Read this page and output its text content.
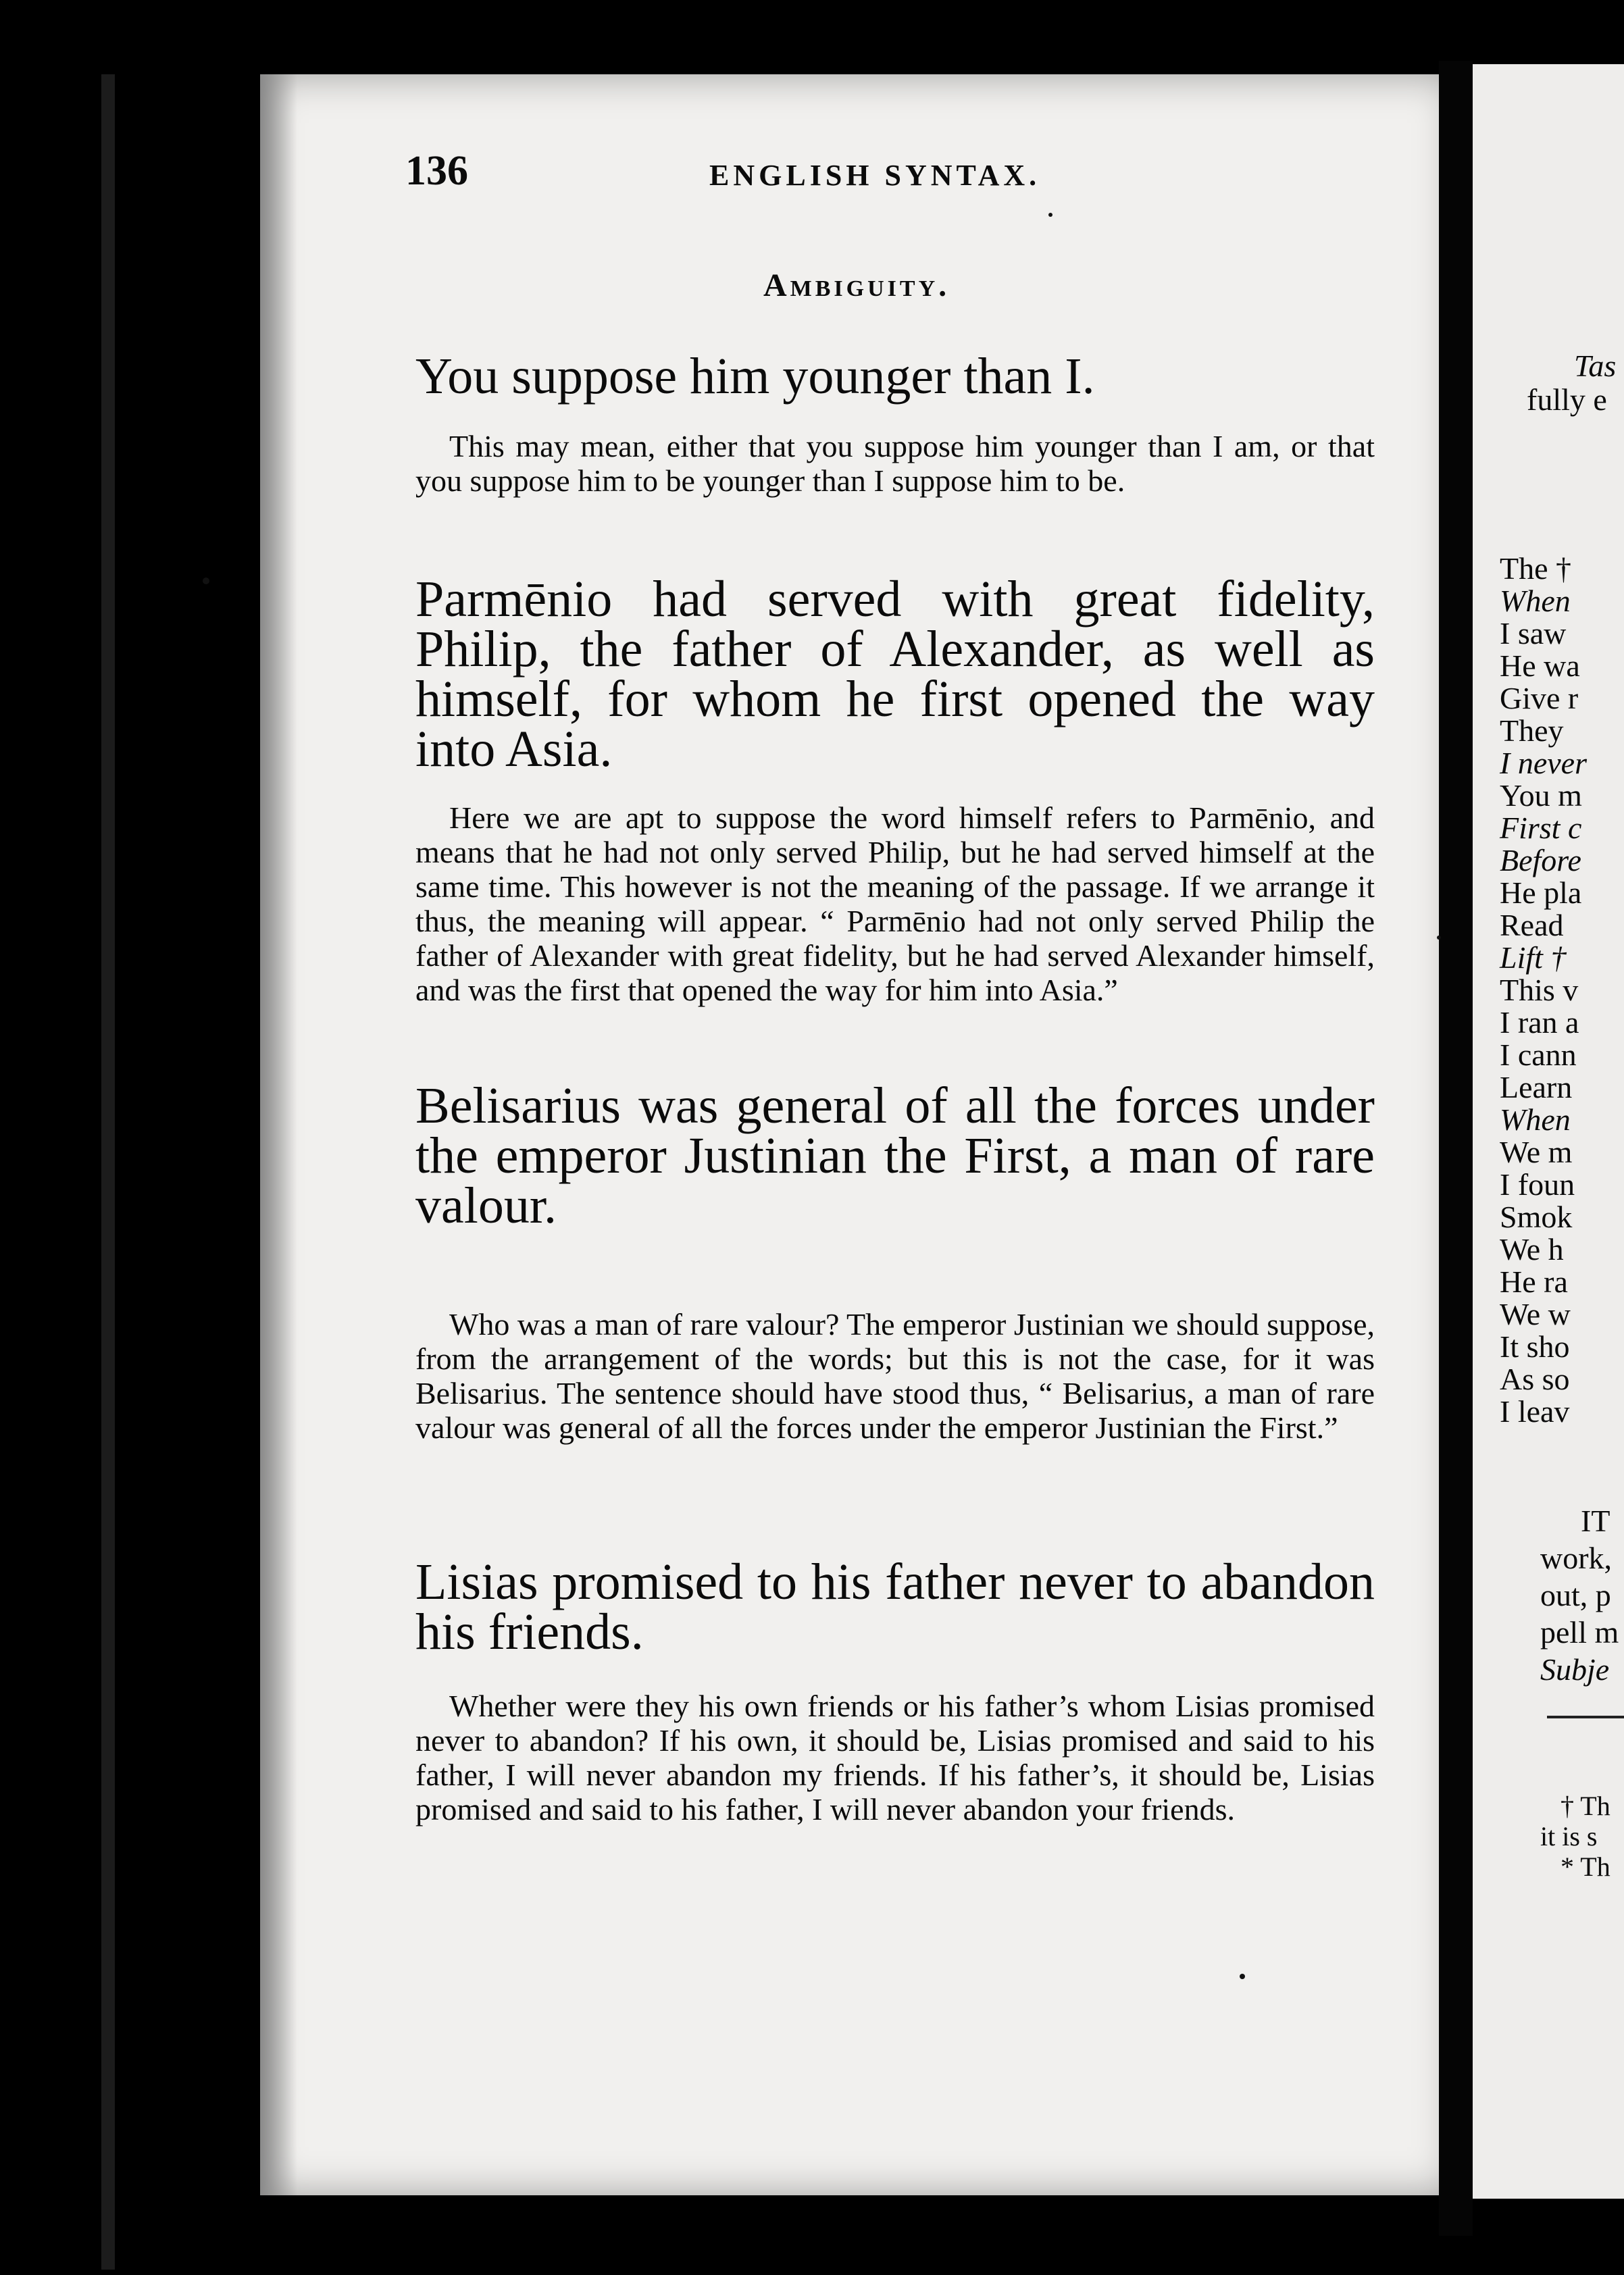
136	ENGLISH SYNTAX.
Ambiguity.

You suppose him younger than I.

This may mean, either that you suppose him younger than I am, or that you suppose him to be younger than I suppose him to be.

Parmēnio had served with great fidelity, Philip, the father of Alexander, as well as himself, for whom he first opened the way into Asia.

Here we are apt to suppose the word himself refers to Parmēnio, and means that he had not only served Philip, but he had served himself at the same time. This however is not the meaning of the passage. If we arrange it thus, the meaning will appear. “ Parmēnio had not only served Philip the father of Alexander with great fidelity, but he had served Alexander himself, and was the first that opened the way for him into Asia.”

Belisarius was general of all the forces under the emperor Justinian the First, a man of rare valour.

Who was a man of rare valour? The emperor Justinian we should suppose, from the arrangement of the words; but this is not the case, for it was Belisarius. The sentence should have stood thus, “ Belisarius, a man of rare valour was general of all the forces under the emperor Justinian the First.”

Lisias promised to his father never to abandon his friends.

Whether were they his own friends or his father’s whom Lisias promised never to abandon? If his own, it should be, Lisias promised and said to his father, I will never abandon my friends. If his father’s, it should be, Lisias promised and said to his father, I will never abandon your friends.

Tas
fully e
The †
When
I saw
He wa
Give r
They
I never
You m
First c
Before
He pla
Read
Lift †
This v
I ran a
I cann
Learn
When
We m
I foun
Smok
We h
He ra
We w
It sho
As so
I leav
IT
work,
out, p
pell m
Subje
† Th
it is s
* Th
